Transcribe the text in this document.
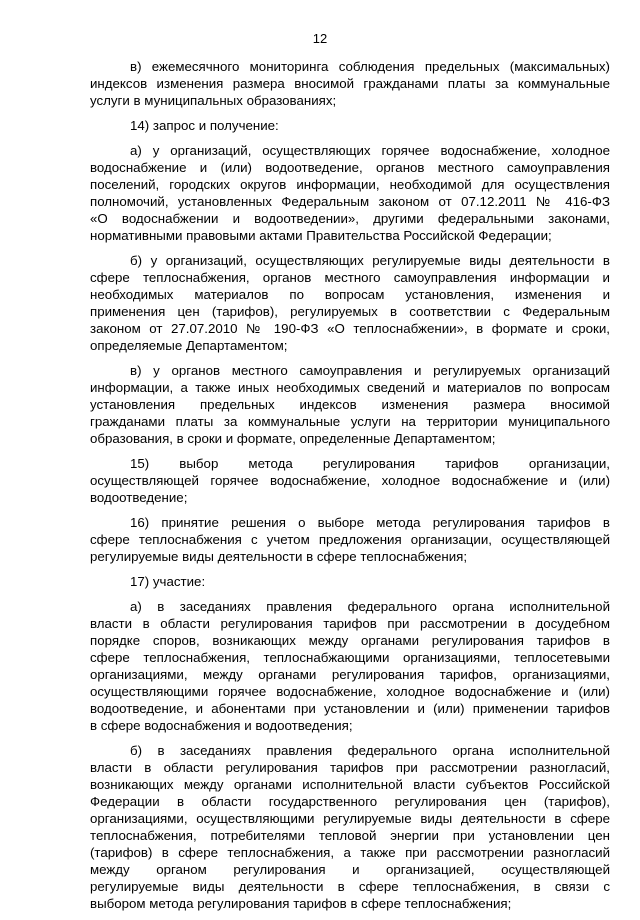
12

в) ежемесячного мониторинга соблюдения предельных (максимальных)
индексов изменения размера вносимой гражданами платы за коммунальные
услуги в муниципальных образованиях;

14) запрос и получение:

а) у организаций, осуществляющих горячее водоснабжение, холодное
водоснабжение и (или) водоотведение, органов местного самоуправления
поселений, городских округов информации, необходимой для осуществления
полномочий, установленных Федеральным законом от 07.12.2011 № 416-ФЗ
«О водоснабжении и водоотведении», другими федеральными законами,
нормативными правовыми актами Правительства Российской Федерации;

б) у организаций, осуществляющих регулируемые виды деятельности в
сфере теплоснабжения, органов местного самоуправления информации и
необходимых материалов по вопросам установления, изменения и
применения цен (тарифов), регулируемых в соответствии с Федеральным
законом от 27.07.2010 № 190-ФЗ «О теплоснабжении», в формате и сроки,
определяемые Департаментом;

в) у органов местного самоуправления и регулируемых организаций
информации, а также иных необходимых сведений и материалов по вопросам
установления предельных индексов изменения размера вносимой
гражданами платы за коммунальные услуги на территории муниципального
образования, в сроки и формате, определенные Департаментом;

15) выбор метода регулирования тарифов организации,
осуществляющей горячее водоснабжение, холодное водоснабжение и (или)
водоотведение;

16) принятие решения о выборе метода регулирования тарифов в
сфере теплоснабжения с учетом предложения организации, осуществляющей
регулируемые виды деятельности в сфере теплоснабжения;

17) участие:

а) в заседаниях правления федерального органа исполнительной
власти в области регулирования тарифов при рассмотрении в досудебном
порядке споров, возникающих между органами регулирования тарифов в
сфере теплоснабжения, теплоснабжающими организациями, теплосетевыми
организациями, между органами регулирования тарифов, организациями,
осуществляющими горячее водоснабжение, холодное водоснабжение и (или)
водоотведение, и абонентами при установлении и (или) применении тарифов
в сфере водоснабжения и водоотведения;

б) в заседаниях правления федерального органа исполнительной
власти в области регулирования тарифов при рассмотрении разногласий,
возникающих между органами исполнительной власти субъектов Российской
Федерации в области государственного регулирования цен (тарифов),
организациями, осуществляющими регулируемые виды деятельности в сфере
теплоснабжения, потребителями тепловой энергии при установлении цен
(тарифов) в сфере теплоснабжения, а также при рассмотрении разногласий
между органом регулирования и организацией, осуществляющей
регулируемые виды деятельности в сфере теплоснабжения, в связи с
выбором метода регулирования тарифов в сфере теплоснабжения;
